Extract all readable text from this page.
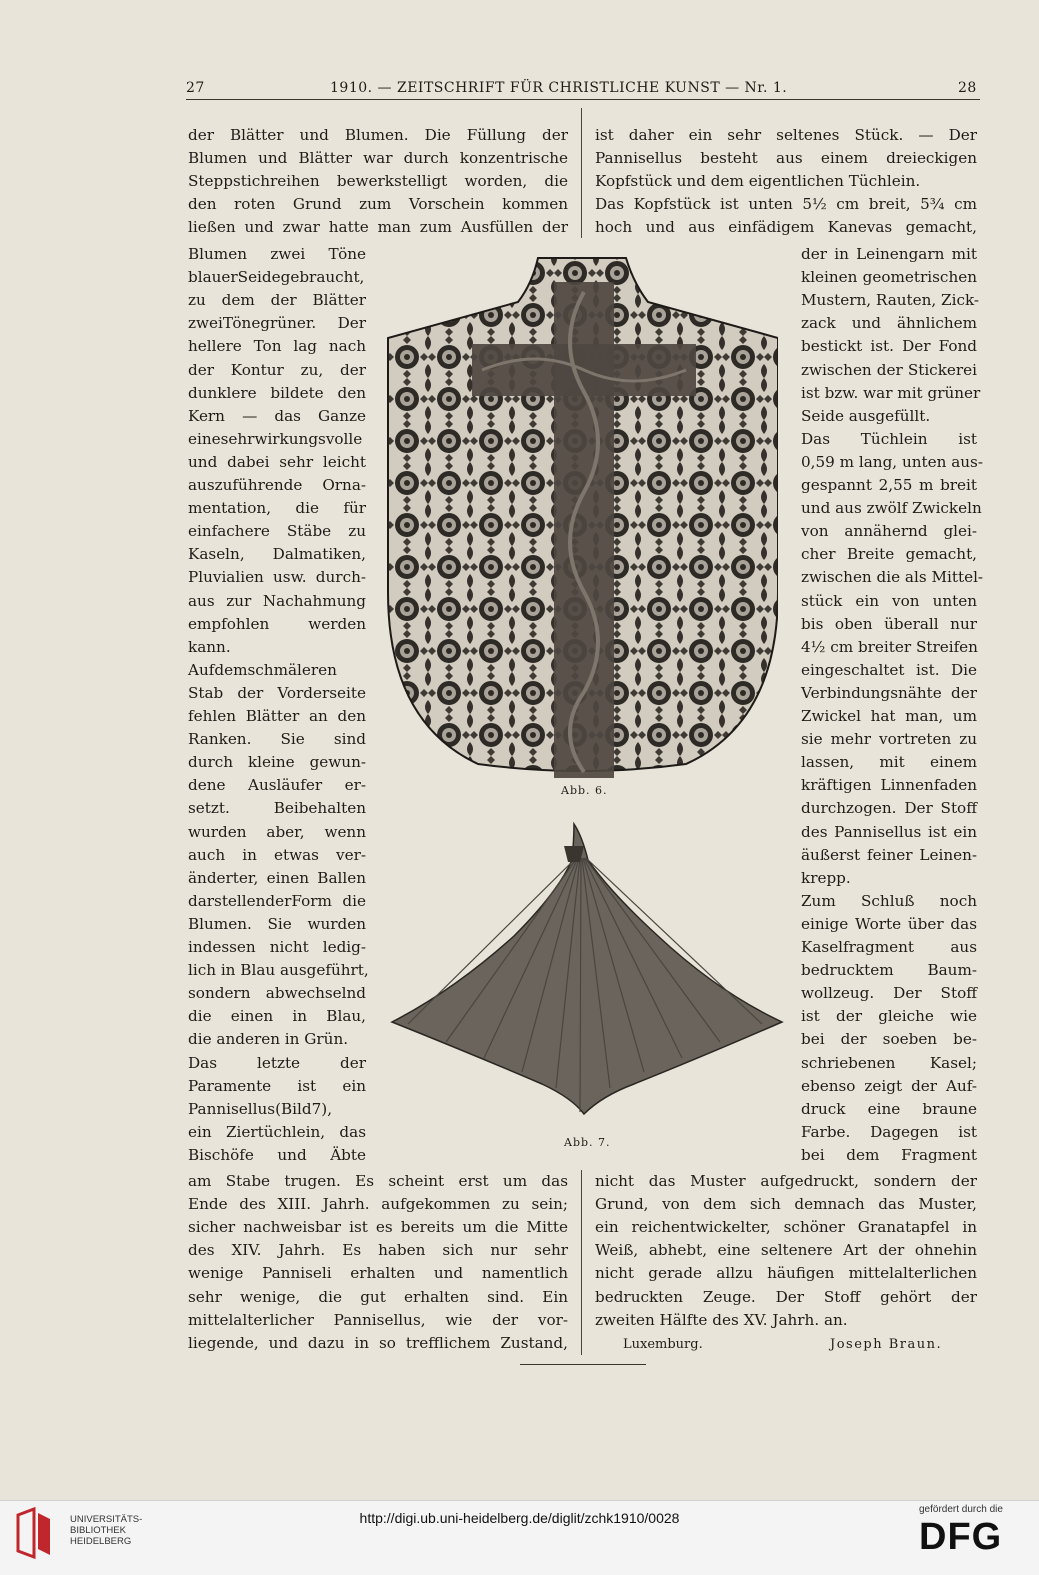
27	1910. — ZEITSCHRIFT FÜR CHRISTLICHE KUNST — Nr. 1.	28
Abb. 6.
Abb. 7.
der Blätter und Blumen. Die Füllung der
Blumen und Blätter war durch konzentrische
Steppstichreihen bewerkstelligt worden, die
den roten Grund zum Vorschein kommen
ließen und zwar hatte man zum Ausfüllen der
Blumen zwei Töne
blauerSeidegebraucht,
zu dem der Blätter
zweiTönegrüner. Der
hellere Ton lag nach
der Kontur zu, der
dunklere bildete den
Kern — das Ganze
einesehrwirkungsvolle
und dabei sehr leicht
auszuführende Orna-
mentation, die für
einfachere Stäbe zu
Kaseln, Dalmatiken,
Pluvialien usw. durch-
aus zur Nachahmung
empfohlen werden
kann.
Aufdemschmäleren
Stab der Vorderseite
fehlen Blätter an den
Ranken. Sie sind
durch kleine gewun-
dene Ausläufer er-
setzt. Beibehalten
wurden aber, wenn
auch in etwas ver-
änderter, einen Ballen
darstellenderForm die
Blumen. Sie wurden
indessen nicht ledig-
lich in Blau ausgeführt,
sondern abwechselnd
die einen in Blau,
die anderen in Grün.
Das letzte der
Paramente ist ein
Pannisellus(Bild7),
ein Ziertüchlein, das
Bischöfe und Äbte
am Stabe trugen. Es scheint erst um das
Ende des XIII. Jahrh. aufgekommen zu sein;
sicher nachweisbar ist es bereits um die Mitte
des XIV. Jahrh. Es haben sich nur sehr
wenige Panniseli erhalten und namentlich
sehr wenige, die gut erhalten sind. Ein
mittelalterlicher Pannisellus, wie der vor-
liegende, und dazu in so trefflichem Zustand,
ist daher ein sehr seltenes Stück. — Der
Pannisellus besteht aus einem dreieckigen
Kopfstück und dem eigentlichen Tüchlein.
Das Kopfstück ist unten 5½ cm breit, 5¾ cm
hoch und aus einfädigem Kanevas gemacht,
der in Leinengarn mit
kleinen geometrischen
Mustern, Rauten, Zick-
zack und ähnlichem
bestickt ist. Der Fond
zwischen der Stickerei
ist bzw. war mit grüner
Seide ausgefüllt.
Das Tüchlein ist
0,59 m lang, unten aus-
gespannt 2,55 m breit
und aus zwölf Zwickeln
von annähernd glei-
cher Breite gemacht,
zwischen die als Mittel-
stück ein von unten
bis oben überall nur
4½ cm breiter Streifen
eingeschaltet ist. Die
Verbindungsnähte der
Zwickel hat man, um
sie mehr vortreten zu
lassen, mit einem
kräftigen Linnenfaden
durchzogen. Der Stoff
des Pannisellus ist ein
äußerst feiner Leinen-
krepp.
Zum Schluß noch
einige Worte über das
Kaselfragment aus
bedrucktem Baum-
wollzeug. Der Stoff
ist der gleiche wie
bei der soeben be-
schriebenen Kasel;
ebenso zeigt der Auf-
druck eine braune
Farbe. Dagegen ist
bei dem Fragment
nicht das Muster aufgedruckt, sondern der
Grund, von dem sich demnach das Muster,
ein reichentwickelter, schöner Granatapfel in
Weiß, abhebt, eine seltenere Art der ohnehin
nicht gerade allzu häufigen mittelalterlichen
bedruckten Zeuge. Der Stoff gehört der
zweiten Hälfte des XV. Jahrh. an.
Luxemburg.	Joseph Braun.
UNIVERSITÄTS-
BIBLIOTHEK
HEIDELBERG
http://digi.ub.uni-heidelberg.de/diglit/zchk1910/0028
gefördert durch die
DFG
